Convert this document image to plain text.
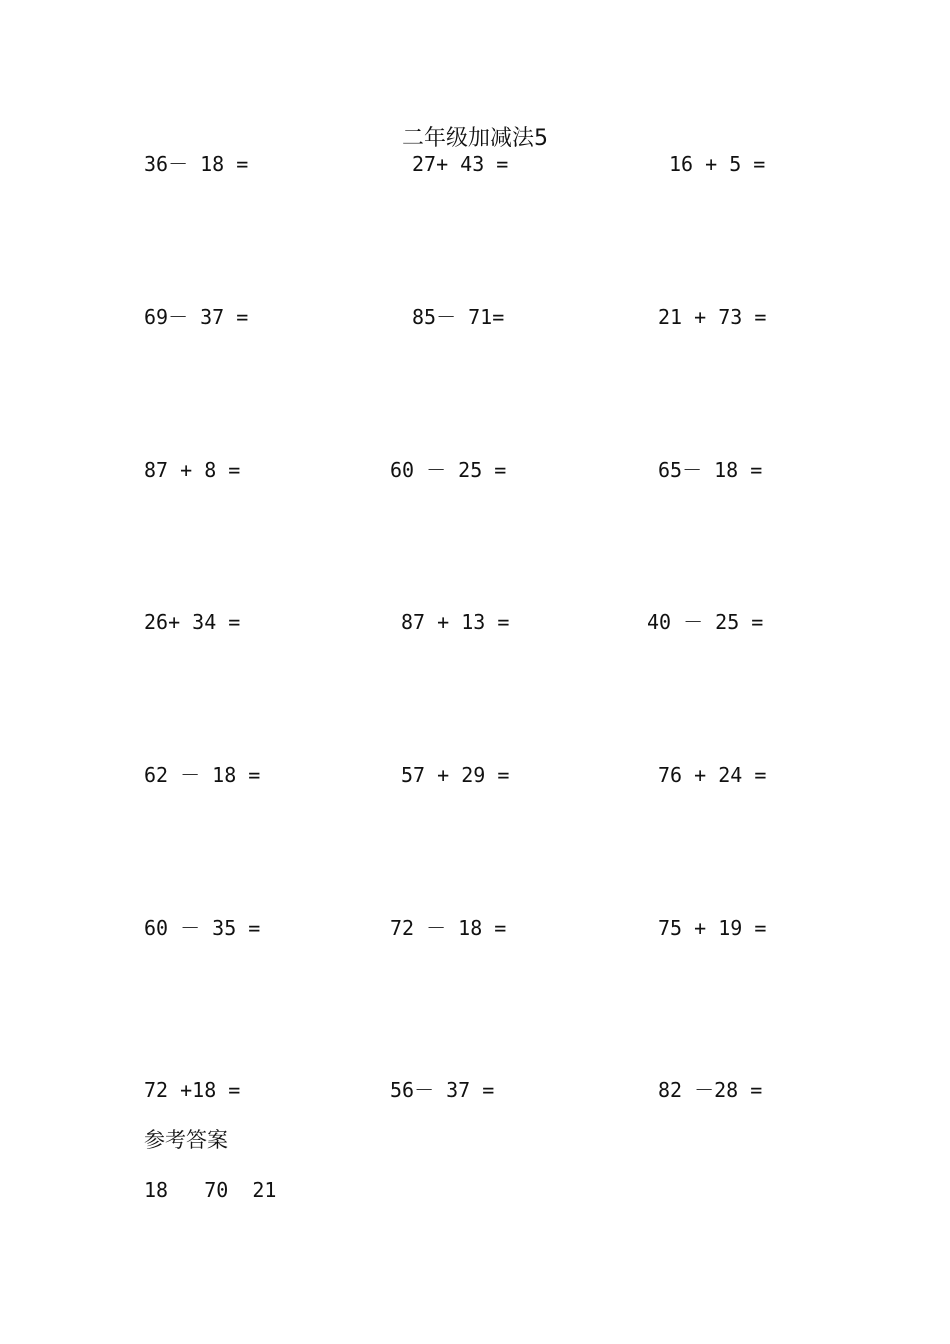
二年级加减法5
36－ 18 =	27+ 43 =	16 + 5 =
69－ 37 =	85－ 71=	21 + 73 =
87 + 8 =	60 － 25 =	65－ 18 =
26+ 34 =	87 + 13 =	40 － 25 =
62 － 18 =	57 + 29 =	76 + 24 =
60 － 35 =	72 － 18 =	75 + 19 =
72 +18 =	56－ 37 =	82 －28 =
参考答案
18   70  21
